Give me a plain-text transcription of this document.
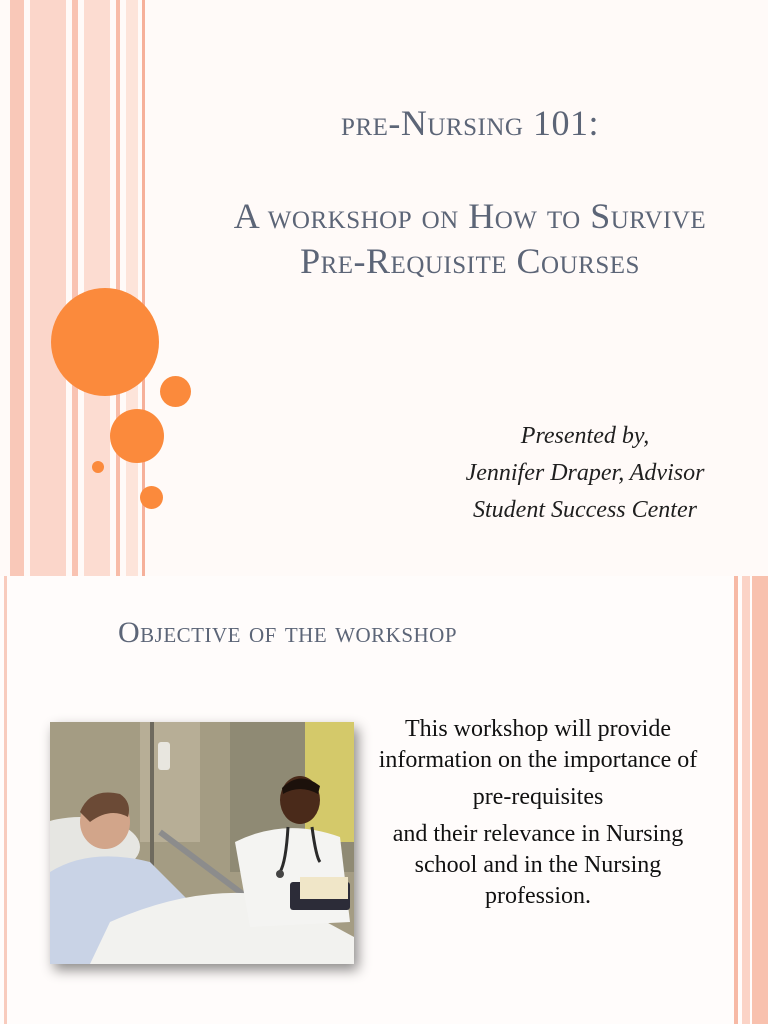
pre-Nursing 101:
A workshop on How to Survive Pre-Requisite Courses
Presented by,
Jennifer Draper, Advisor
Student Success Center
Objective of the workshop

This workshop will provide information on the importance of

pre-requisites

and their relevance in Nursing school and in the Nursing profession.
